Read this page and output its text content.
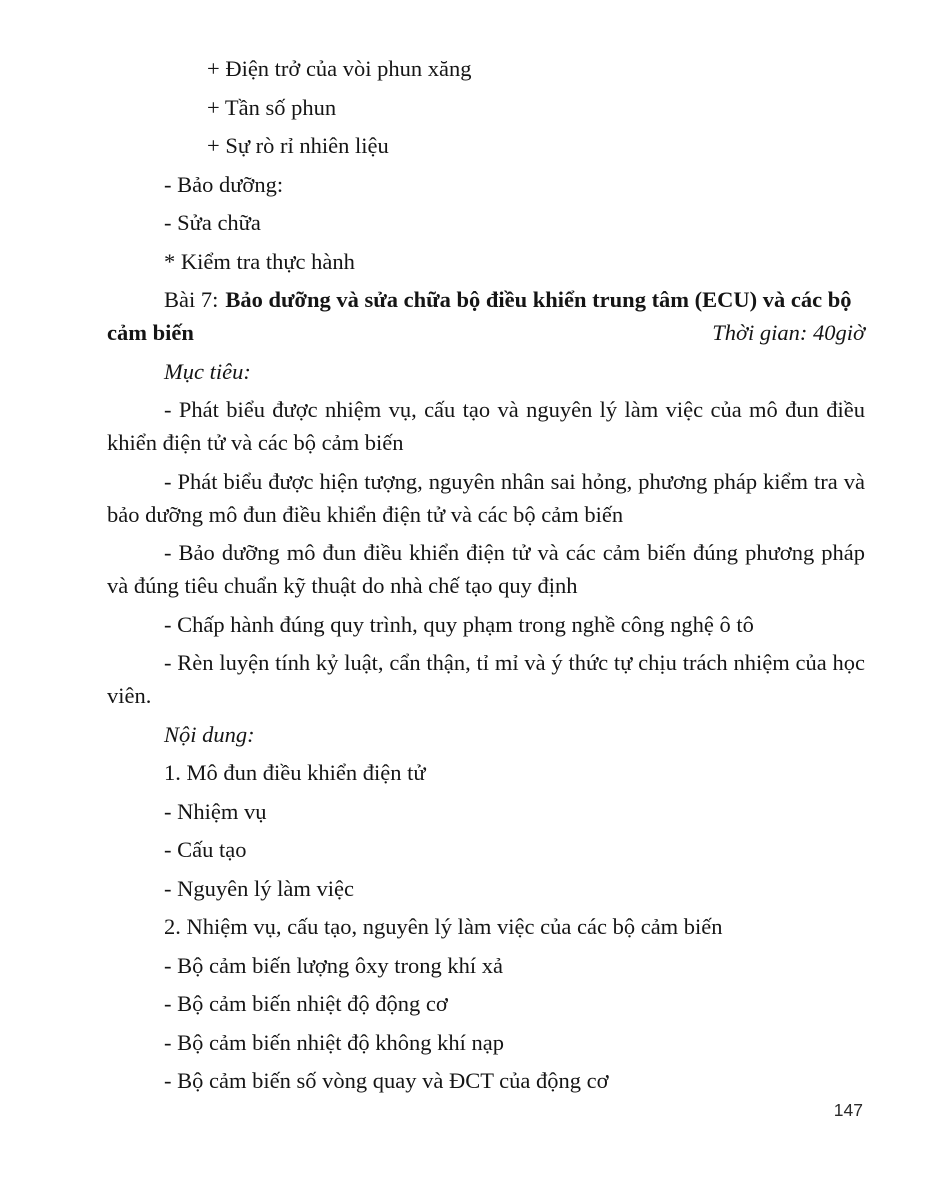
+ Điện trở của vòi phun xăng

+ Tần số phun

+ Sự rò rỉ nhiên liệu

- Bảo dưỡng:

- Sửa chữa

* Kiểm tra thực hành

Bài 7: Bảo dưỡng và sửa chữa bộ điều khiển trung tâm (ECU) và các bộ cảm biến	Thời gian: 40giờ

Mục tiêu:

- Phát biểu được nhiệm vụ, cấu tạo và nguyên lý làm việc của mô đun điều khiển điện tử và các bộ cảm biến

- Phát biểu được hiện tượng, nguyên nhân sai hỏng, phương pháp kiểm tra và bảo dưỡng mô đun điều khiển điện tử và các bộ cảm biến

- Bảo dưỡng mô đun điều khiển điện tử và các cảm biến đúng phương pháp và đúng tiêu chuẩn kỹ thuật do nhà chế tạo quy định

- Chấp hành đúng quy trình, quy phạm trong nghề công nghệ ô tô

- Rèn luyện tính kỷ luật, cẩn thận, tỉ mỉ và ý thức tự chịu trách nhiệm của học viên.

Nội dung:

1. Mô đun điều khiển điện tử

- Nhiệm vụ

- Cấu tạo

- Nguyên lý làm việc

2. Nhiệm vụ, cấu tạo, nguyên lý làm việc của các bộ cảm biến

- Bộ cảm biến lượng ôxy trong khí xả

- Bộ cảm biến nhiệt độ động cơ

- Bộ cảm biến nhiệt độ không khí nạp

- Bộ cảm biến số vòng quay và ĐCT của động cơ

147
